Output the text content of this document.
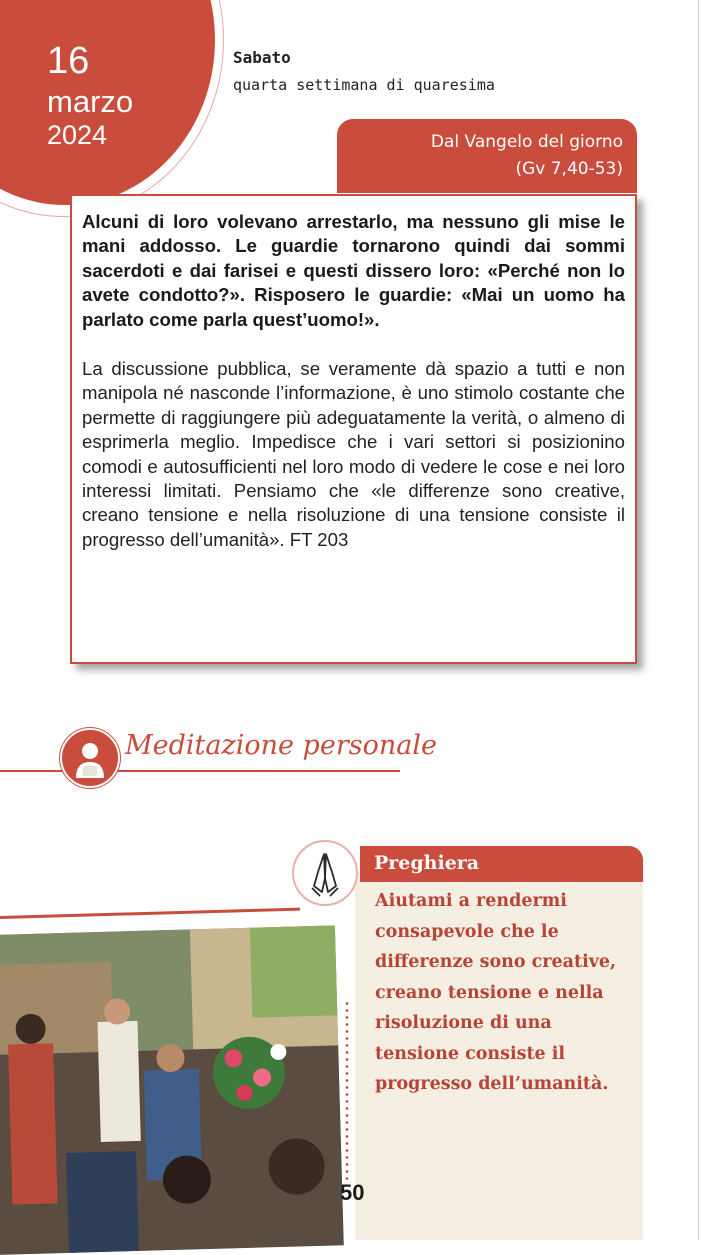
16
marzo
2024
Sabato
quarta settimana di quaresima
Dal Vangelo del giorno
(Gv 7,40-53)

Alcuni di loro volevano arrestarlo, ma nessuno gli mise le mani addosso. Le guardie tornarono quindi dai sommi sacerdoti e dai farisei e questi dissero loro: «Perché non lo avete condotto?». Risposero le guardie: «Mai un uomo ha parlato come parla quest’uomo!».

La discussione pubblica, se veramente dà spazio a tutti e non manipola né nasconde l’informazione, è uno stimolo costante che permette di raggiungere più adeguatamente la verità, o almeno di esprimerla meglio. Impedisce che i vari settori si posizionino comodi e autosufficienti nel loro modo di vedere le cose e nei loro interessi limitati. Pensiamo che «le differenze sono creative, creano tensione e nella risoluzione di una tensione consiste il progresso dell’umanità». FT 203

Meditazione personale
Preghiera
Aiutami a rendermi consapevole che le differenze sono creative, creano tensione e nella risoluzione di una tensione consiste il progresso dell’umanità.
50
